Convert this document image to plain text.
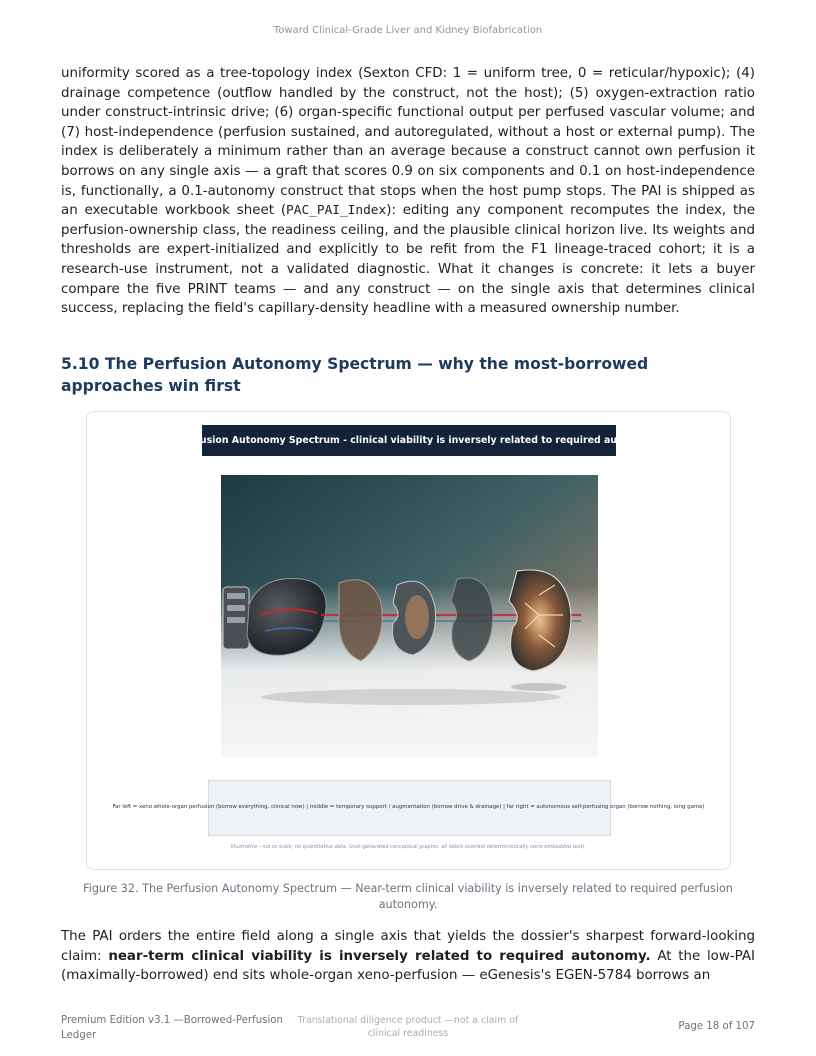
Toward Clinical-Grade Liver and Kidney Biofabrication

uniformity scored as a tree-topology index (Sexton CFD: 1 = uniform tree, 0 = reticular/hypoxic); (4) drainage competence (outflow handled by the construct, not the host); (5) oxygen-extraction ratio under construct-intrinsic drive; (6) organ-specific functional output per perfused vascular volume; and (7) host-independence (perfusion sustained, and autoregulated, without a host or external pump). The index is deliberately a minimum rather than an average because a construct cannot own perfusion it borrows on any single axis — a graft that scores 0.9 on six components and 0.1 on host-independence is, functionally, a 0.1-autonomy construct that stops when the host pump stops. The PAI is shipped as an executable workbook sheet (PAC_PAI_Index): editing any component recomputes the index, the perfusion-ownership class, the readiness ceiling, and the plausible clinical horizon live. Its weights and thresholds are expert-initialized and explicitly to be refit from the F1 lineage-traced cohort; it is a research-use instrument, not a validated diagnostic. What it changes is concrete: it lets a buyer compare the five PRINT teams — and any construct — on the single axis that determines clinical success, replacing the field's capillary-density headline with a measured ownership number.

5.10 The Perfusion Autonomy Spectrum — why the most-borrowed approaches win first
Perfusion Autonomy Spectrum - clinical viability is inversely related to required autonomy
Far left = xeno whole-organ perfusion (borrow everything, clinical now) | middle = temporary support / augmentation (borrow drive & drainage) | far right = autonomous self-perfusing organ (borrow nothing, long game)
Illustrative - not to scale; no quantitative data. Grok-generated conceptual graphic, all labels overlaid deterministically (zero embedded text).
Figure 32. The Perfusion Autonomy Spectrum — Near-term clinical viability is inversely related to required perfusion autonomy.

The PAI orders the entire field along a single axis that yields the dossier's sharpest forward-looking claim: near-term clinical viability is inversely related to required autonomy. At the low-PAI (maximally-borrowed) end sits whole-organ xeno-perfusion — eGenesis's EGEN-5784 borrows an

Premium Edition v3.1 —Borrowed-Perfusion Ledger
Translational diligence product —not a claim of clinical readiness
Page 18 of 107
